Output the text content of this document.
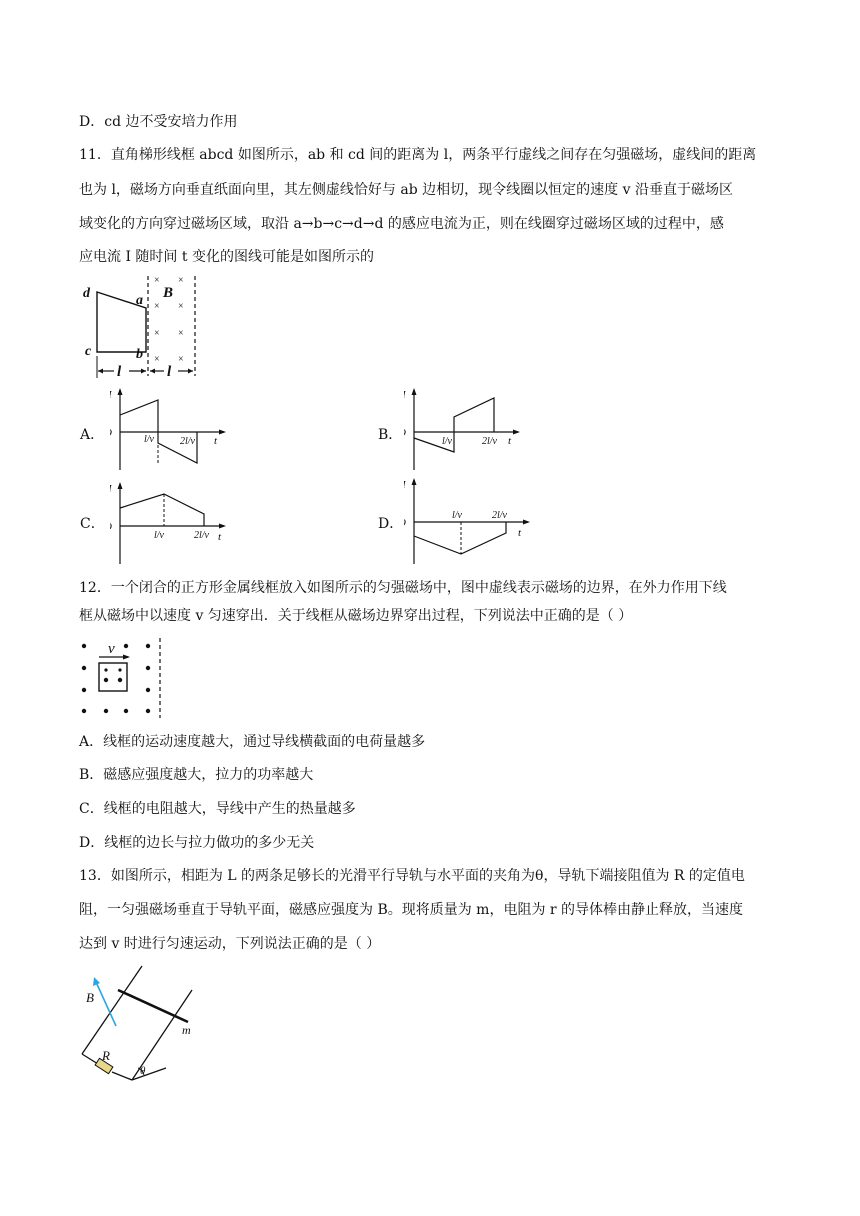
D．cd 边不受安培力作用
11．直角梯形线框 abcd 如图所示，ab 和 cd 间的距离为 l，两条平行虚线之间存在匀强磁场，虚线间的距离
也为 l，磁场方向垂直纸面向里，其左侧虚线恰好与 ab 边相切，现令线圈以恒定的速度 v 沿垂直于磁场区
域变化的方向穿过磁场区域，取沿 a→b→c→d→d 的感应电流为正，则在线圈穿过磁场区域的过程中，感
应电流 I 随时间 t 变化的图线可能是如图所示的
× ×
× ×
× ×
× ×
d	a
c	b
B
l	l
A．	t
l/v	2l/v	B．	t
l/v	2l/v
C．
t
l/v	2l/v
D．
t
l/v	2l/v
12．一个闭合的正方形金属线框放入如图所示的匀强磁场中，图中虚线表示磁场的边界，在外力作用下线
框从磁场中以速度 v 匀速穿出．关于线框从磁场边界穿出过程，下列说法中正确的是（ ）
v
A．线框的运动速度越大，通过导线横截面的电荷量越多
B．磁感应强度越大，拉力的功率越大
C．线框的电阻越大，导线中产生的热量越多
D．线框的边长与拉力做功的多少无关
13．如图所示，相距为 L 的两条足够长的光滑平行导轨与水平面的夹角为θ，导轨下端接阻值为 R 的定值电
阻，一匀强磁场垂直于导轨平面，磁感应强度为 B。现将质量为 m，电阻为 r 的导体棒由静止释放，当速度
达到 v 时进行匀速运动，下列说法正确的是（ ）
B
R
m
θ
